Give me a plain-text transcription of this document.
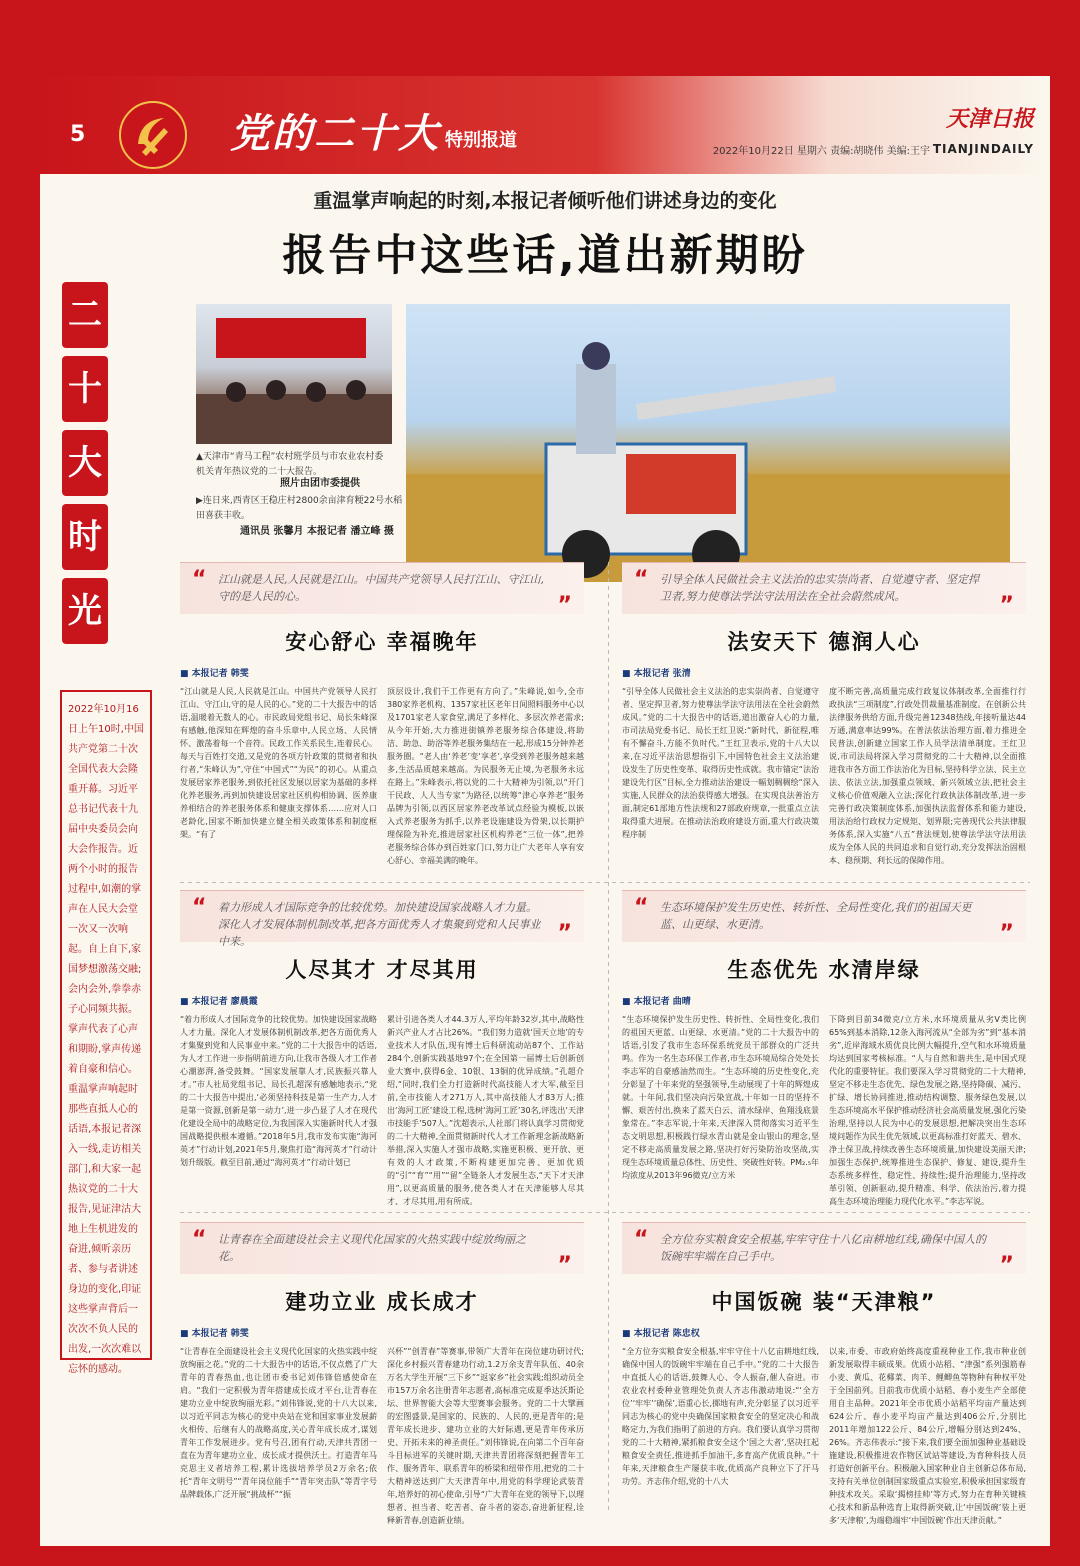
5	党的二十大 特别报道
天津日报
2022年10月22日 星期六 责编:胡晓伟 美编:王宇 TIANJINDAILY
重温掌声响起的时刻,本报记者倾听他们讲述身边的变化
报告中这些话,道出新期盼
二
十
大
时
光
2022年10月16日上午10时,中国共产党第二十次全国代表大会隆重开幕。习近平总书记代表十九届中央委员会向大会作报告。近两个小时的报告过程中,如潮的掌声在人民大会堂一次又一次响起。自上自下,家国梦想激荡交融;会内会外,拳拳赤子心同频共振。掌声代表了心声和期盼,掌声传递着自豪和信心。重温掌声响起时那些直抵人心的话语,本报记者深入一线,走访相关部门,和大家一起热议党的二十大报告,见证津沽大地上生机进发的奋进,倾听亲历者、参与者讲述身边的变化,印证这些掌声背后一次次不负人民的出发,一次次难以忘怀的感动。
▲天津市“青马工程”农村班学员与市农业农村委机关青年热议党的二十大报告。
照片由团市委提供
▶连日来,西青区王稳庄村2800余亩津育粳22号水稻田喜获丰收。
通讯员 张馨月 本报记者 潘立峰 摄
“ 江山就是人民,人民就是江山。中国共产党领导人民打江山、守江山,守的是人民的心。	”
安心舒心 幸福晚年
■ 本报记者 韩雯
“江山就是人民,人民就是江山。中国共产党领导人民打江山、守江山,守的是人民的心。”党的二十大报告中的话语,温暖着无数人的心。市民政局党组书记、局长朱峰深有感触,他深知在辉煌的奋斗乐章中,人民立场、人民情怀、激荡着每一个音符。民政工作关系民生,连着民心。每天与百姓打交道,又是党的各项方针政策的贯彻者和执行者,“朱峰认为”,守住“中国式”“为民”的初心。从重点发展居家养老服务,到依托社区发展以居家为基础的多样化养老服务,再到加快建设居家社区机构相协调、医养康养相结合的养老服务体系和健康支撑体系……应对人口老龄化,国家不断加快建立健全相关政策体系和制度框架。“有了
顶层设计,我们干工作更有方向了。”朱峰说,如今,全市380家养老机构、1357家社区老年日间照料服务中心以及1701家老人家食堂,满足了多样化、多层次养老需求;从今年开始,大力推进街镇养老服务综合体建设,将助洁、助急、助浴等养老服务集结在一起,形成15分钟养老服务圈。“老人由‘养老’变‘享老’,享受到养老服务越来越多,生活品质越来越高。为民服务无止境,为老服务永远在路上。”朱峰表示,将以党的二十大精神为引领,以“开门干民政、人人当专家”为路径,以统筹“津心享养老”服务品牌为引领,以西区居家养老改革试点经验为模板,以嵌入式养老服务为抓手,以养老设施建设为骨架,以长期护理保险为补充,推进居家社区机构养老“三位一体”,把养老服务综合体办到百姓家门口,努力让广大老年人享有安心舒心、幸福美满的晚年。
“ 引导全体人民做社会主义法治的忠实崇尚者、自觉遵守者、坚定捍卫者,努力使尊法学法守法用法在全社会蔚然成风。	”
法安天下 德润人心
■ 本报记者 张清
“引导全体人民做社会主义法治的忠实崇尚者、自觉遵守者、坚定捍卫者,努力使尊法学法守法用法在全社会蔚然成风。”党的二十大报告中的话语,道出激奋人心的力量,市司法局党委书记、局长王红卫说:“新时代、新征程,唯有不懈奋斗,方能不负时代。”王红卫表示,党的十八大以来,在习近平法治思想指引下,中国特色社会主义法治建设发生了历史性变革、取得历史性成就。我市锚定“法治建设先行区”目标,全力推动法治建设一幅划稠稠绘“深入实施,人民群众的法治获得感大增强。在实现良法善治方面,制定61部地方性法规和27部政府规章,一批重点立法取得重大进展。在推动法治政府建设方面,重大行政决策程序制
度不断完善,高质量完成行政复议体制改革,全面推行行政执法“三项制度”,行政处罚裁量基准制度。在创新公共法律服务供给方面,升级完善12348热线,年接听量达44万通,满意率达99%。在普法依法治理方面,着力推进全民普法,创新建立国家工作人员学法清单制度。王红卫说,市司法局将深入学习贯彻党的二十大精神,以全面推进我市各方面工作法治化为目标,坚持科学立法、民主立法、依法立法,加强重点领域、新兴领域立法,把社会主义核心价值观融入立法;深化行政执法体制改革,进一步完善行政决策制度体系,加强执法监督体系和能力建设,用法治给行政权力定规矩、划界限;完善现代公共法律服务体系,深入实施“八五”普法规划,使尊法学法守法用法成为全体人民的共同追求和自觉行动,充分发挥法治固根本、稳预期、利长远的保障作用。
“ 着力形成人才国际竞争的比较优势。加快建设国家战略人才力量。深化人才发展体制机制改革,把各方面优秀人才集聚到党和人民事业中来。	”
人尽其才 才尽其用
■ 本报记者 廖晨霞
“着力形成人才国际竞争的比较优势。加快建设国家战略人才力量。深化人才发展体制机制改革,把各方面优秀人才集聚到党和人民事业中来。”党的二十大报告中的话语,为人才工作进一步指明前进方向,让我市各级人才工作者心潮澎湃,备受鼓舞。“国家发展靠人才,民族振兴靠人才。”市人社局党组书记、局长孔超深有感触地表示,“党的二十大报告中提出,‘必须坚持科技是第一生产力,人才是第一资源,创新是第一动力’,进一步凸显了人才在现代化建设全局中的战略定位,为我国深入实施新时代人才强国战略提供根本遵循。”2018年5月,我市发布实施“海河英才”行动计划,2021年5月,聚焦打造“海河英才”行动计划升级版。截至目前,通过“海河英才”行动计划已
累计引进各类人才44.3万人,平均年龄32岁,其中,战略性新兴产业人才占比26%。“我们努力造就‘国天立地’的专业技术人才队伍,现有博士后科研流动站87个、工作站284个,创新实践基地97个;在全国第一届博士后创新创业大赛中,获得6金、10银、13铜的优异成绩。”孔超介绍,“同时,我们全力打造新时代高技能人才大军,截至目前,全市技能人才271万人,其中高技能人才83万人;推出‘海河工匠’建设工程,选树‘海河工匠’30名,评选出‘天津市技能手’507人。”沈超表示,人社部门将认真学习贯彻党的二十大精神,全面贯彻新时代人才工作新理念新战略新举措,深入实施人才强市战略,实施更积极、更开放、更有效的人才政策,不断构建更加完善、更加优质的“引”“育”“用”“留”全链条人才发展生态,“天下才天津用”,以更高质量的服务,使各类人才在天津能够人尽其才、才尽其用,用有所成。
“ 生态环境保护发生历史性、转折性、全局性变化,我们的祖国天更蓝、山更绿、水更清。	”
生态优先 水清岸绿
■ 本报记者 曲晴
“生态环境保护发生历史性、转折性、全局性变化,我们的祖国天更蓝、山更绿、水更清。”党的二十大报告中的话语,引发了我市生态环保系统党员干部群众的广泛共鸣。作为一名生态环保工作者,市生态环境局综合处处长李志军的自豪感油然而生。“生态环境的历史性变化,充分彰显了十年来党的坚强领导,生动展现了十年的辉煌成就。十年间,我们坚决向污染宣战,十年如一日的坚持不懈、艰苦付出,换来了蓝天白云、清水绿岸、鱼翔浅底景象常在。”李志军说,十年来,天津深入贯彻落实习近平生态文明思想,积极践行绿水青山就是金山银山的理念,坚定不移走高质量发展之路,坚决打好污染防治攻坚战,实现生态环境质量总体性、历史性、突破性好转。PM₂.₅年均浓度从2013年96微克/立方米
下降到目前34微克/立方米,水环境质量从劣Ⅴ类比例65%到基本消除,12条入海河流从“全部为劣”到“基本消劣”,近岸海域水质优良比例大幅提升,空气和水环境质量均达到国家考核标准。“人与自然和谐共生,是中国式现代化的重要特征。我们要深入学习贯彻党的二十大精神,坚定不移走生态优先、绿色发展之路,坚持降碳、减污、扩绿、增长协同推进,推动结构调整、服务绿色发展,以生态环境高水平保护推动经济社会高质量发展,强化污染治理,坚持以人民为中心的发展思想,把解决突出生态环境问题作为民生优先领域,以更高标准打好蓝天、碧水、净土保卫战,持续改善生态环境质量,加快建设美丽天津;加强生态保护,统筹推进生态保护、修复、建设,提升生态系统多样性、稳定性、持续性;提升治理能力,坚持改革引领、创新驱动,提升精准、科学、依法治污,着力提高生态环境治理能力现代化水平。”李志军说。
“ 让青春在全面建设社会主义现代化国家的火热实践中绽放绚丽之花。	”
建功立业 成长成才
■ 本报记者 韩雯
“让青春在全面建设社会主义现代化国家的火热实践中绽放绚丽之花。”党的二十大报告中的话语,不仅点燃了广大青年的青春热血,也让团市委书记刘伟锋倍感使命在肩。“我们一定积极为青年搭建成长成才平台,让青春在建功立业中绽放绚丽光彩。”刘伟锋说,党的十八大以来,以习近平同志为核心的党中央站在党和国家事业发展薪火相传、后继有人的战略高度,关心青年成长成才,谋划青年工作发展进步。党有号召,团有行动,天津共青团一直在为青年建功立业、成长成才提供沃土。打造青年马克思主义者培养工程,累计选拔培养学员2万余名;依托“青年文明号”“青年岗位能手”“青年突击队”等青字号品牌载体,广泛开展“挑战杯”“振
兴杯”“创青春”等赛事,带领广大青年在岗位建功研讨代;深化乡村振兴青春建功行动,1.2万余支青年队伍、40余万名大学生开展“三下乡”“返家乡”社会实践;组织动员全市157万余名注册青年志愿者,高标准完成夏季达沃斯论坛、世界智能大会等大型赛事会服务。党的二十大擘画的宏图盛景,是国家的、民族的、人民的,更是青年的;是青年成长进步、建功立业的大好际遇,更是青年传承历史、开拓未来的神圣责任。”刘伟锋说,在向第二个百年奋斗目标进军的关键时期,天津共青团将深刻把握青年工作、服务青年、联系青年的桥梁和纽带作用,把党的二十大精神送达到广大天津青年中,用党的科学理论武装青年,培养好的初心使命,引导“广大青年在党的领导下,以理想者、担当者、吃苦者、奋斗者的姿态,奋进新征程,诠释新青春,创造新业绩。
“ 全方位夯实粮食安全根基,牢牢守住十八亿亩耕地红线,确保中国人的饭碗牢牢端在自己手中。	”
中国饭碗 装“天津粮”
■ 本报记者 陈忠权
“全方位夯实粮食安全根基,牢牢守住十八亿亩耕地红线,确保中国人的饭碗牢牢端在自己手中。”党的二十大报告中直抵人心的话语,鼓舞人心、令人振奋,催人奋进。市农业农村委种业管理处负责人齐志伟激动地说:“‘全方位’‘牢牢’‘确保’,语重心长,掷地有声,充分彰显了以习近平同志为核心的党中央确保国家粮食安全的坚定决心和战略定力,为我们指明了前进的方向。我们要认真学习贯彻党的二十大精神,紧抓粮食安全这个‘国之大者’,坚决扛起粮食安全责任,推进抓手加油干,多育高产优质良种。”十年来,天津粮食生产屡获丰收,优质高产良种立下了汗马功劳。齐志伟介绍,党的十八大
以来,市委、市政府始终高度重视种业工作,我市种业创新发展取得丰硕成果。优质小站稻、“津强”系列强筋春小麦、黄瓜、花椰菜、肉羊、鲤鲫鱼等物种有种权平处于全国前列。目前我市优质小站稻、春小麦生产全部使用自主品种。2021年全市优质小站稻平均亩产量达到624公斤、春小麦平均亩产量达到406公斤,分别比2011年增加122公斤、84公斤,增幅分别达到24%、26%。齐志伟表示:“接下来,我们要全面加强种业基础设施建设,积极推进农作物区试站等建设,为育种科技人员打造好创新平台。积极融入国家种业自主创新总体布局,支持有关单位创制国家级重点实验室,积极承担国家级育种技术攻关。采取‘揭榜挂帅’等方式,努力在育种关键核心技术和新品种选育上取得新突破,让‘中国饭碗’装上更多‘天津粮’,为端稳端牢‘中国饭碗’作出天津贡献。”
